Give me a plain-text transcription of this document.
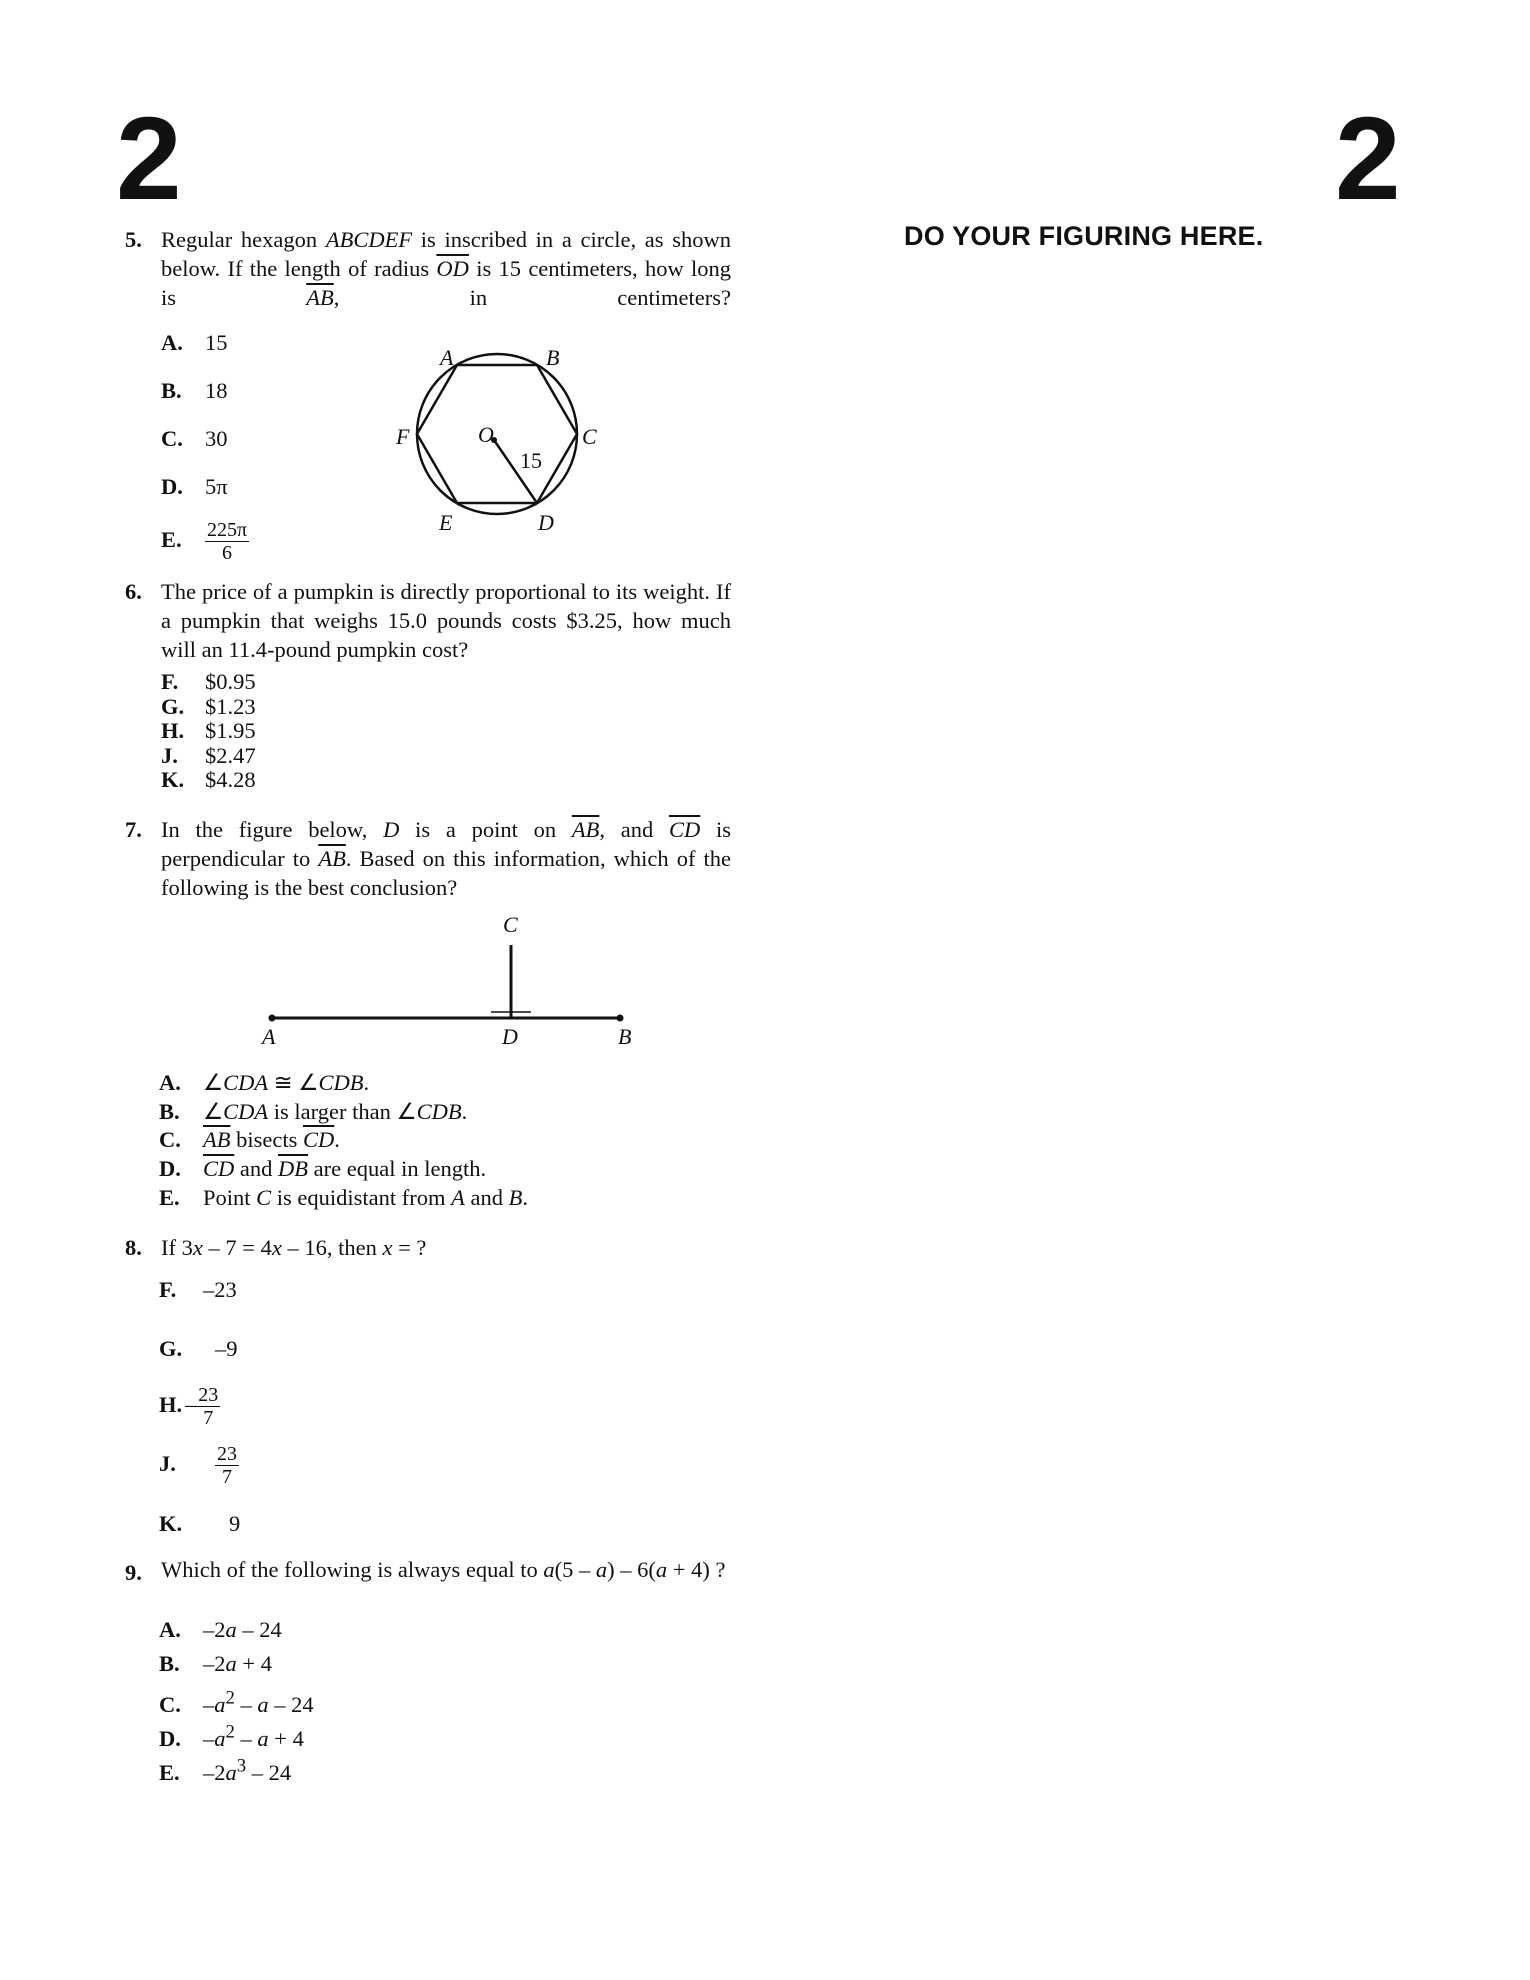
2	2
DO YOUR FIGURING HERE.
5. Regular hexagon ABCDEF is inscribed in a circle, as shown below. If the length of radius $\overline{OD}$ is 15 centimeters, how long is $\overline{AB}$, in centimeters?
A. 15
B. 18
C. 30
D. 5π
E. $\frac{225\pi}{6}$
A	B
C
D
E
F	O
15
6. The price of a pumpkin is directly proportional to its weight. If a pumpkin that weighs 15.0 pounds costs $3.25, how much will an 11.4-pound pumpkin cost?
F. $0.95
G. $1.23
H. $1.95
J. $2.47
K. $4.28
7. In the figure below, D is a point on $\overline{AB}$, and $\overline{CD}$ is perpendicular to $\overline{AB}$. Based on this information, which of the following is the best conclusion?
C
A	D	B
A. ∠CDA ≅ ∠CDB.
B. ∠CDA is larger than ∠CDB.
C. $\overline{AB}$ bisects $\overline{CD}$.
D. $\overline{CD}$ and $\overline{DB}$ are equal in length.
E. Point C is equidistant from A and B.
8. If 3x – 7 = 4x – 16, then x = ?
F. –23
G. –9
H. – $\frac{23}{7}$
J. $\frac{23}{7}$
K. 9
9. Which of the following is always equal to a(5 – a) – 6(a + 4) ?
A. –2a – 24
B. –2a + 4
C. $-a^2$ – a – 24
D. $-a^2 - a + 4$
E. $-2a^3 - 24$
